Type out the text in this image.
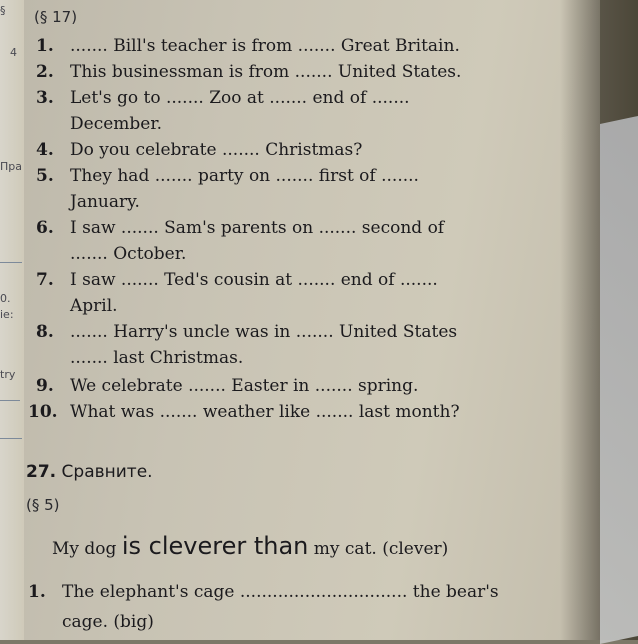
§
4
Пра
0.
ie:
try
(§ 17)
1. ....... Bill's teacher is from ....... Great Britain.
2. This businessman is from ....... United States.
3. Let's go to ....... Zoo at ....... end of .......
December.
4. Do you celebrate ....... Christmas?
5. They had ....... party on ....... first of .......
January.
6. I saw ....... Sam's parents on ....... second of
....... October.
7. I saw ....... Ted's cousin at ....... end of .......
April.
8. ....... Harry's uncle was in ....... United States
....... last Christmas.
9. We celebrate ....... Easter in ....... spring.
10. What was ....... weather like ....... last month?
27. Сравните.
(§ 5)
My dog is cleverer than my cat. (clever)
1. The elephant's cage ............................... the bear's
cage. (big)
